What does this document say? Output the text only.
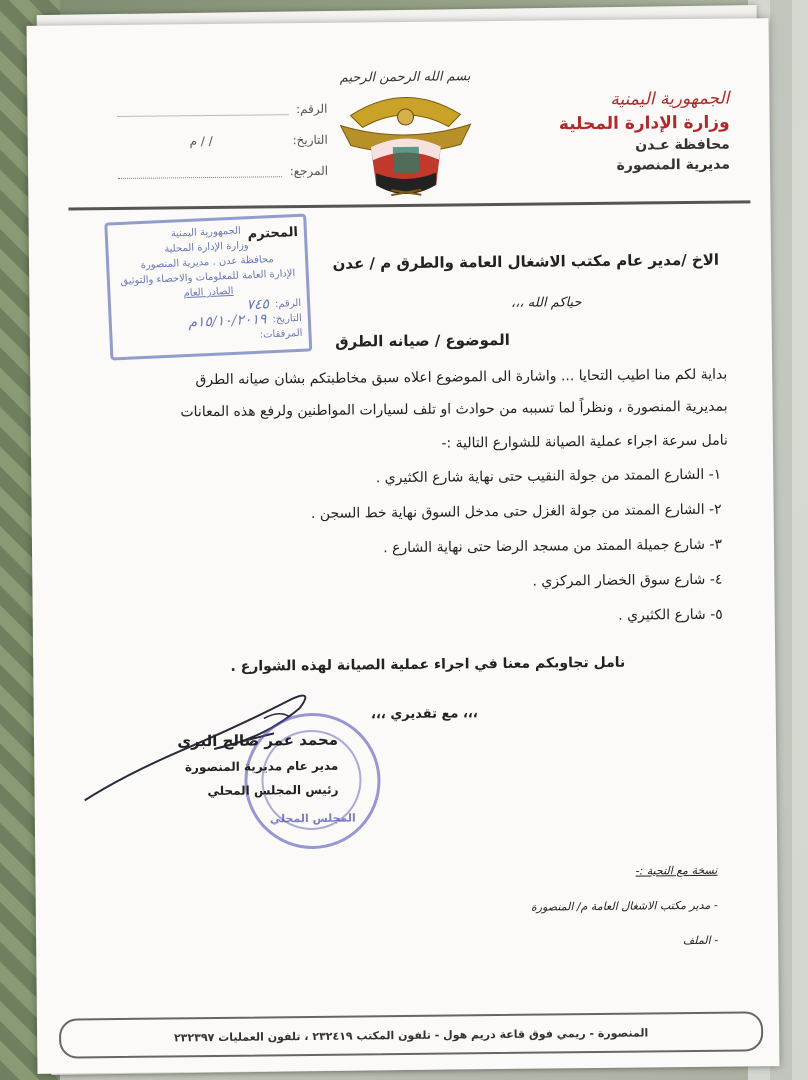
الجمهورية اليمنية
وزارة الإدارة المحلية
محافظة عـدن
مديرية المنصورة
بسم الله الرحمن الرحيم
الرقم:
التاريخ:
/ / م
المرجع:
المحترم
الجمهورية اليمنية
وزارة الإدارة المحلية
محافظة عدن . مديرية المنصورة
الإدارة العامة للمعلومات والاحصاء والتوثيق
الصادر العام
الرقم:
٧٤٥
التاريخ:
١٥/١٠/٢٠١٩م
المرفقات:
الاخ /مدير عام مكتب الاشغال العامة والطرق م / عدن
حياكم الله ،،،
الموضوع / صيانه الطرق
بداية لكم منا اطيب التحايا ... واشارة الى الموضوع اعلاه سبق مخاطبتكم بشان صيانه الطرق
بمديرية المنصورة ، ونظراً لما تسببه من حوادث او تلف لسيارات المواطنين ولرفع هذه المعانات
نامل سرعة اجراء عملية الصيانة للشوارع التالية :-
١- الشارع الممتد من جولة النقيب حتى نهاية شارع الكثيري .
٢- الشارع الممتد من جولة الغزل حتى مدخل السوق نهاية خط السجن .
٣- شارع جميلة الممتد من مسجد الرضا حتى نهاية الشارع .
٤- شارع سوق الخضار المركزي .
٥- شارع الكثيري .
نامل تجاوبكم معنا في اجراء عملية الصيانة لهذه الشوارع .
،،، مع تقديري ،،،
المجلس المحلي
محمد عمر صالح البري
مدير عام مديرية المنصورة
رئيس المجلس المحلي
نسخة مع التحية :-
- مدير مكتب الاشغال العامة م/ المنصورة
- الملف
المنصورة - ريمي فوق قاعة دريم هول - تلفون المكتب ٢٣٢٤١٩ ، تلفون العمليات ٢٣٢٣٩٧
